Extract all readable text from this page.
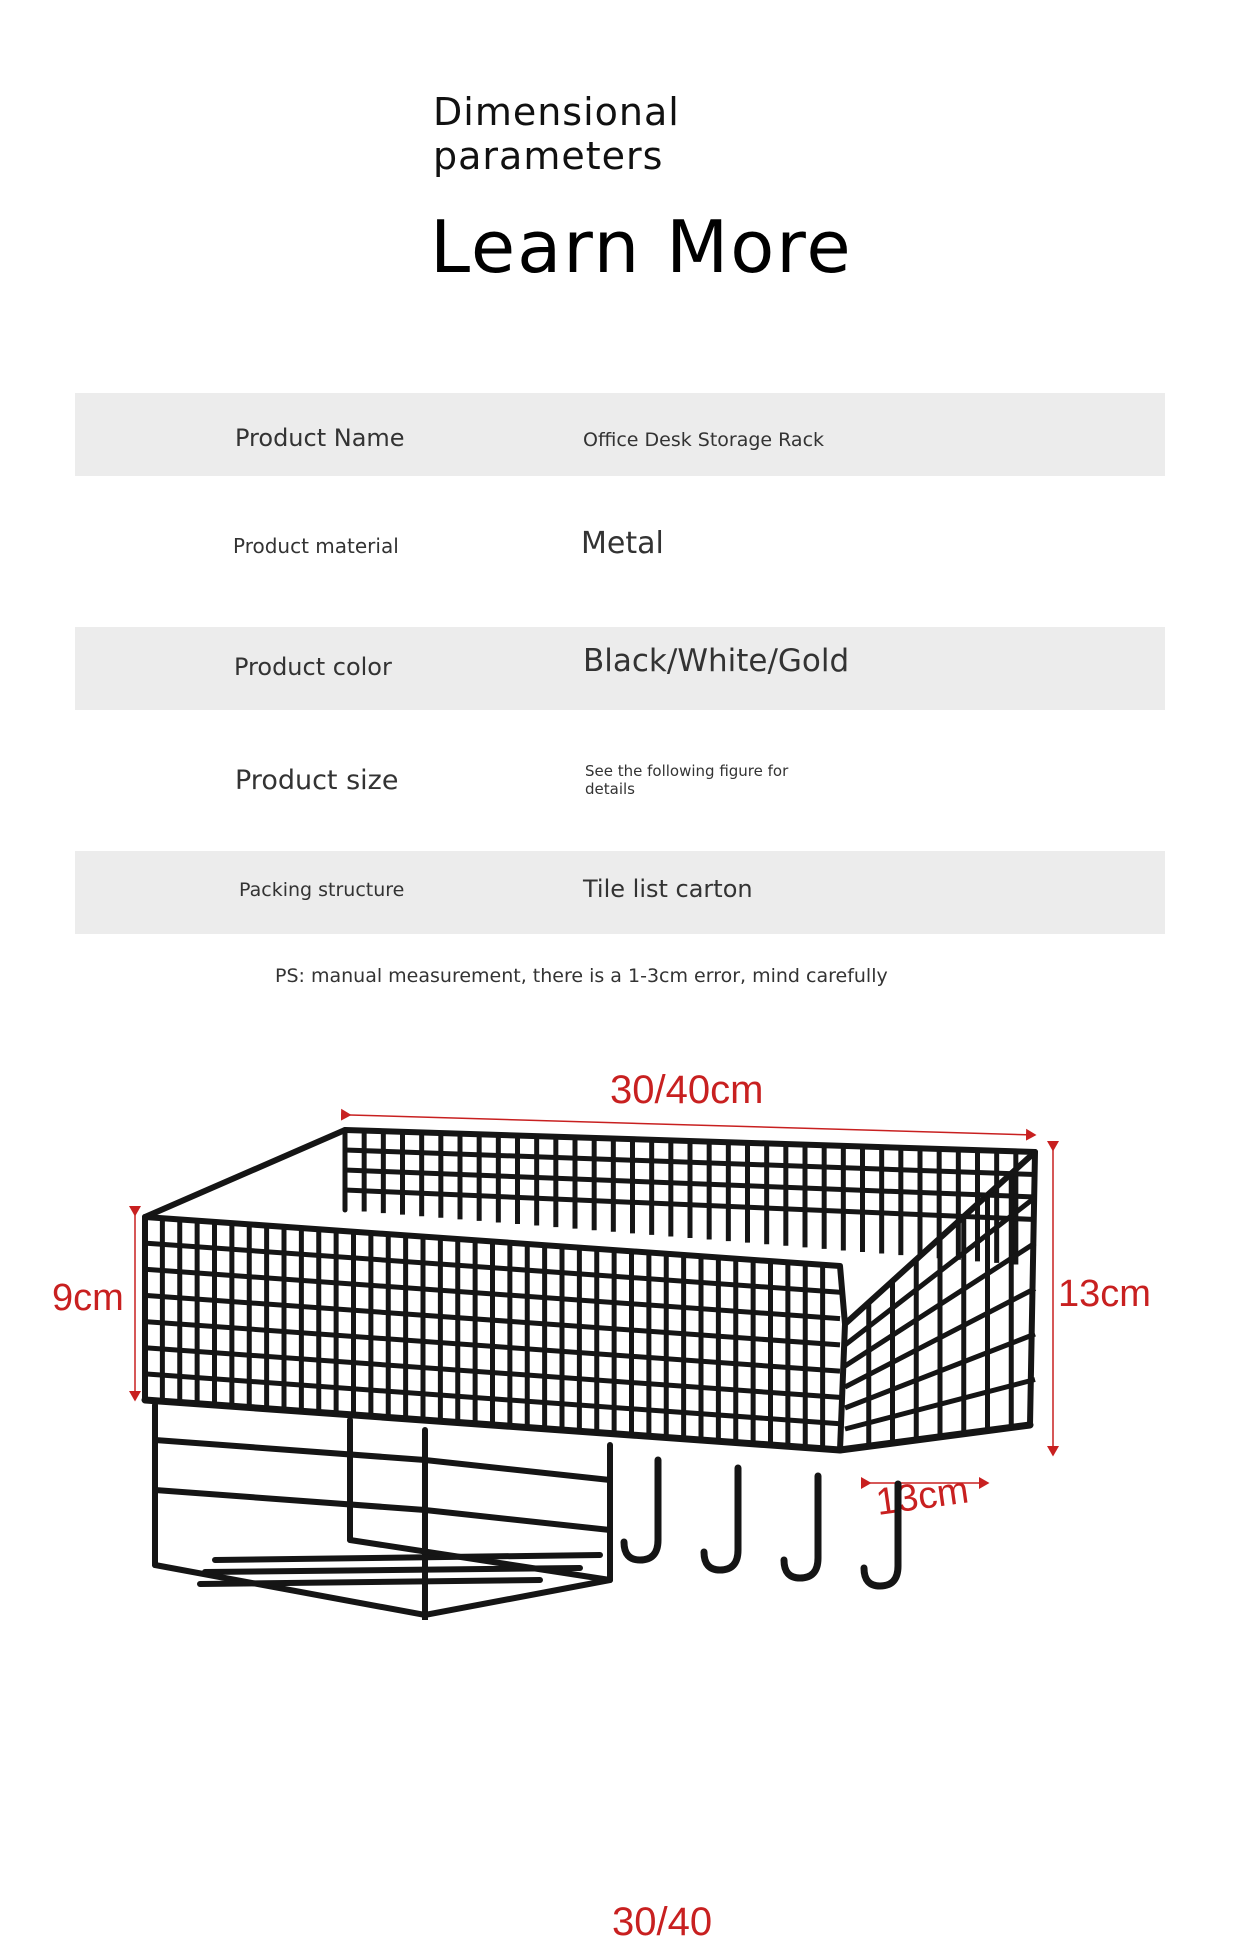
Dimensional parameters
Learn More
Product Name	Office Desk Storage Rack
Product material	Metal
Product color	Black/White/Gold
Product size	See the following figure for details
Packing structure	Tile list carton
PS: manual measurement, there is a 1-3cm error, mind carefully
30/40cm
9cm	13cm
13cm
30/40
